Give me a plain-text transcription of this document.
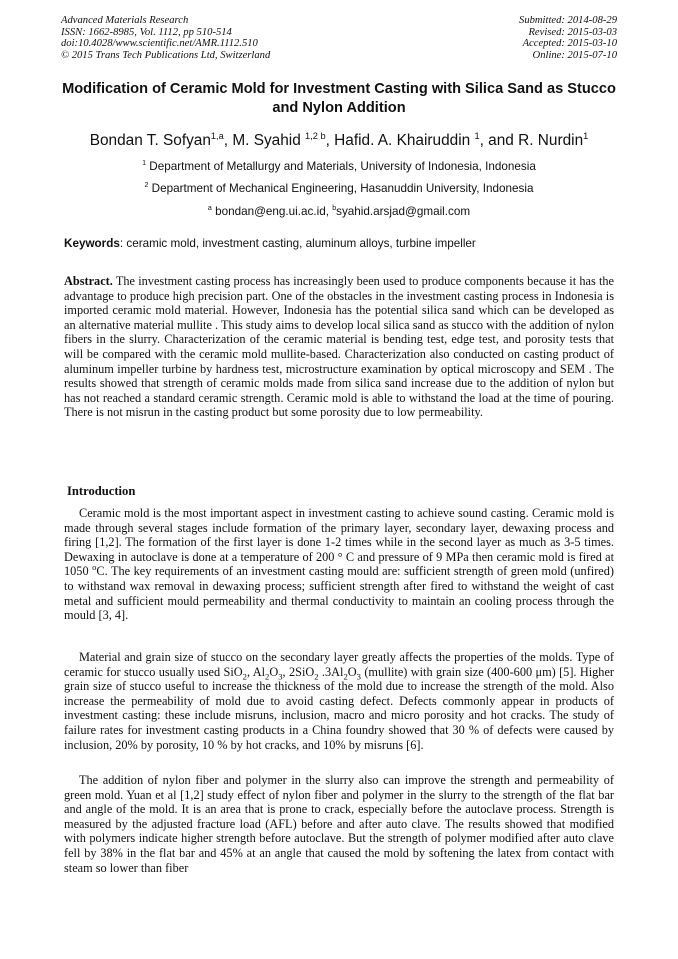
Advanced Materials Research
ISSN: 1662-8985, Vol. 1112, pp 510-514
doi:10.4028/www.scientific.net/AMR.1112.510
© 2015 Trans Tech Publications Ltd, Switzerland
Submitted: 2014-08-29
Revised: 2015-03-03
Accepted: 2015-03-10
Online: 2015-07-10
Modification of Ceramic Mold for Investment Casting with Silica Sand as Stucco and Nylon Addition
Bondan T. Sofyan$^{1,a}$, M. Syahid $^{1,2 b}$, Hafid. A. Khairuddin $^1$, and R. Nurdin$^1$
$^1$ Department of Metallurgy and Materials, University of Indonesia, Indonesia
$^2$ Department of Mechanical Engineering, Hasanuddin University, Indonesia
$^a$ bondan@eng.ui.ac.id, $^b$syahid.arsjad@gmail.com
Keywords: ceramic mold, investment casting, aluminum alloys, turbine impeller

Abstract. The investment casting process has increasingly been used to produce components because it has the advantage to produce high precision part. One of the obstacles in the investment casting process in Indonesia is imported ceramic mold material. However, Indonesia has the potential silica sand which can be developed as an alternative material mullite . This study aims to develop local silica sand as stucco with the addition of nylon fibers in the slurry. Characterization of the ceramic material is bending test, edge test, and porosity tests that will be compared with the ceramic mold mullite-based. Characterization also conducted on casting product of aluminum impeller turbine by hardness test, microstructure examination by optical microscopy and SEM . The results showed that strength of ceramic molds made from silica sand increase due to the addition of nylon but has not reached a standard ceramic strength. Ceramic mold is able to withstand the load at the time of pouring. There is not misrun in the casting product but some porosity due to low permeability.

Introduction

Ceramic mold is the most important aspect in investment casting to achieve sound casting. Ceramic mold is made through several stages include formation of the primary layer, secondary layer, dewaxing process and firing [1,2]. The formation of the first layer is done 1-2 times while in the second layer as much as 3-5 times. Dewaxing in autoclave is done at a temperature of 200 ° C and pressure of 9 MPa then ceramic mold is fired at 1050 $^o$C. The key requirements of an investment casting mould are: sufficient strength of green mold (unfired) to withstand wax removal in dewaxing process; sufficient strength after fired to withstand the weight of cast metal and sufficient mould permeability and thermal conductivity to maintain an cooling process through the mould [3, 4].

Material and grain size of stucco on the secondary layer greatly affects the properties of the molds. Type of ceramic for stucco usually used SiO$_2$, $Al_2O_3$, 2SiO$_2$ $.3Al_2O_3$ (mullite) with grain size (400-600 μm) [5]. Higher grain size of stucco useful to increase the thickness of the mold due to increase the strength of the mold. Also increase the permeability of mold due to avoid casting defect. Defects commonly appear in products of investment casting: these include misruns, inclusion, macro and micro porosity and hot cracks. The study of failure rates for investment casting products in a China foundry showed that 30 % of defects were caused by inclusion, 20% by porosity, 10 % by hot cracks, and 10% by misruns [6].

The addition of nylon fiber and polymer in the slurry also can improve the strength and permeability of green mold. Yuan et al [1,2] study effect of nylon fiber and polymer in the slurry to the strength of the flat bar and angle of the mold. It is an area that is prone to crack, especially before the autoclave process. Strength is measured by the adjusted fracture load (AFL) before and after auto clave. The results showed that modified with polymers indicate higher strength before autoclave. But the strength of polymer modified after auto clave fell by 38% in the flat bar and 45% at an angle that caused the mold by softening the latex from contact with steam so lower than fiber
